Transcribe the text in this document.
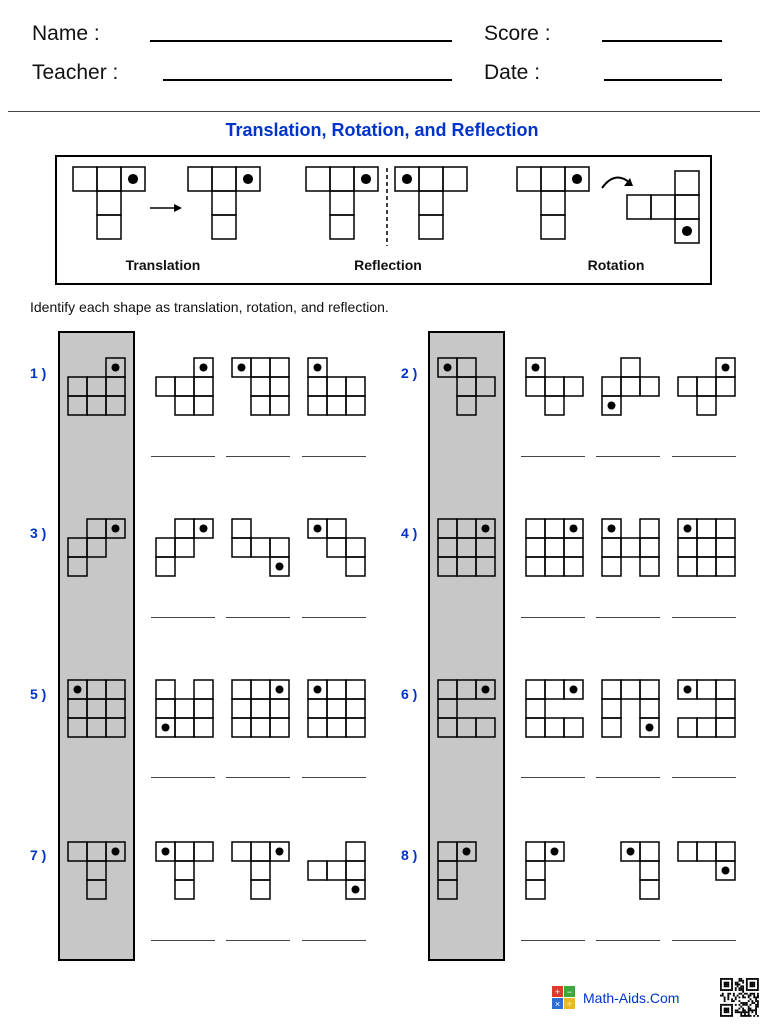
Name :
Teacher :
Score :
Date :
Translation, Rotation, and Reflection
Translation	Reflection	Rotation
Identify each shape as translation, rotation, and reflection.
1 )	2 )
3 )	4 )
5 )	6 )
7 )	8 )
+ −
× ÷ Math-Aids.Com
